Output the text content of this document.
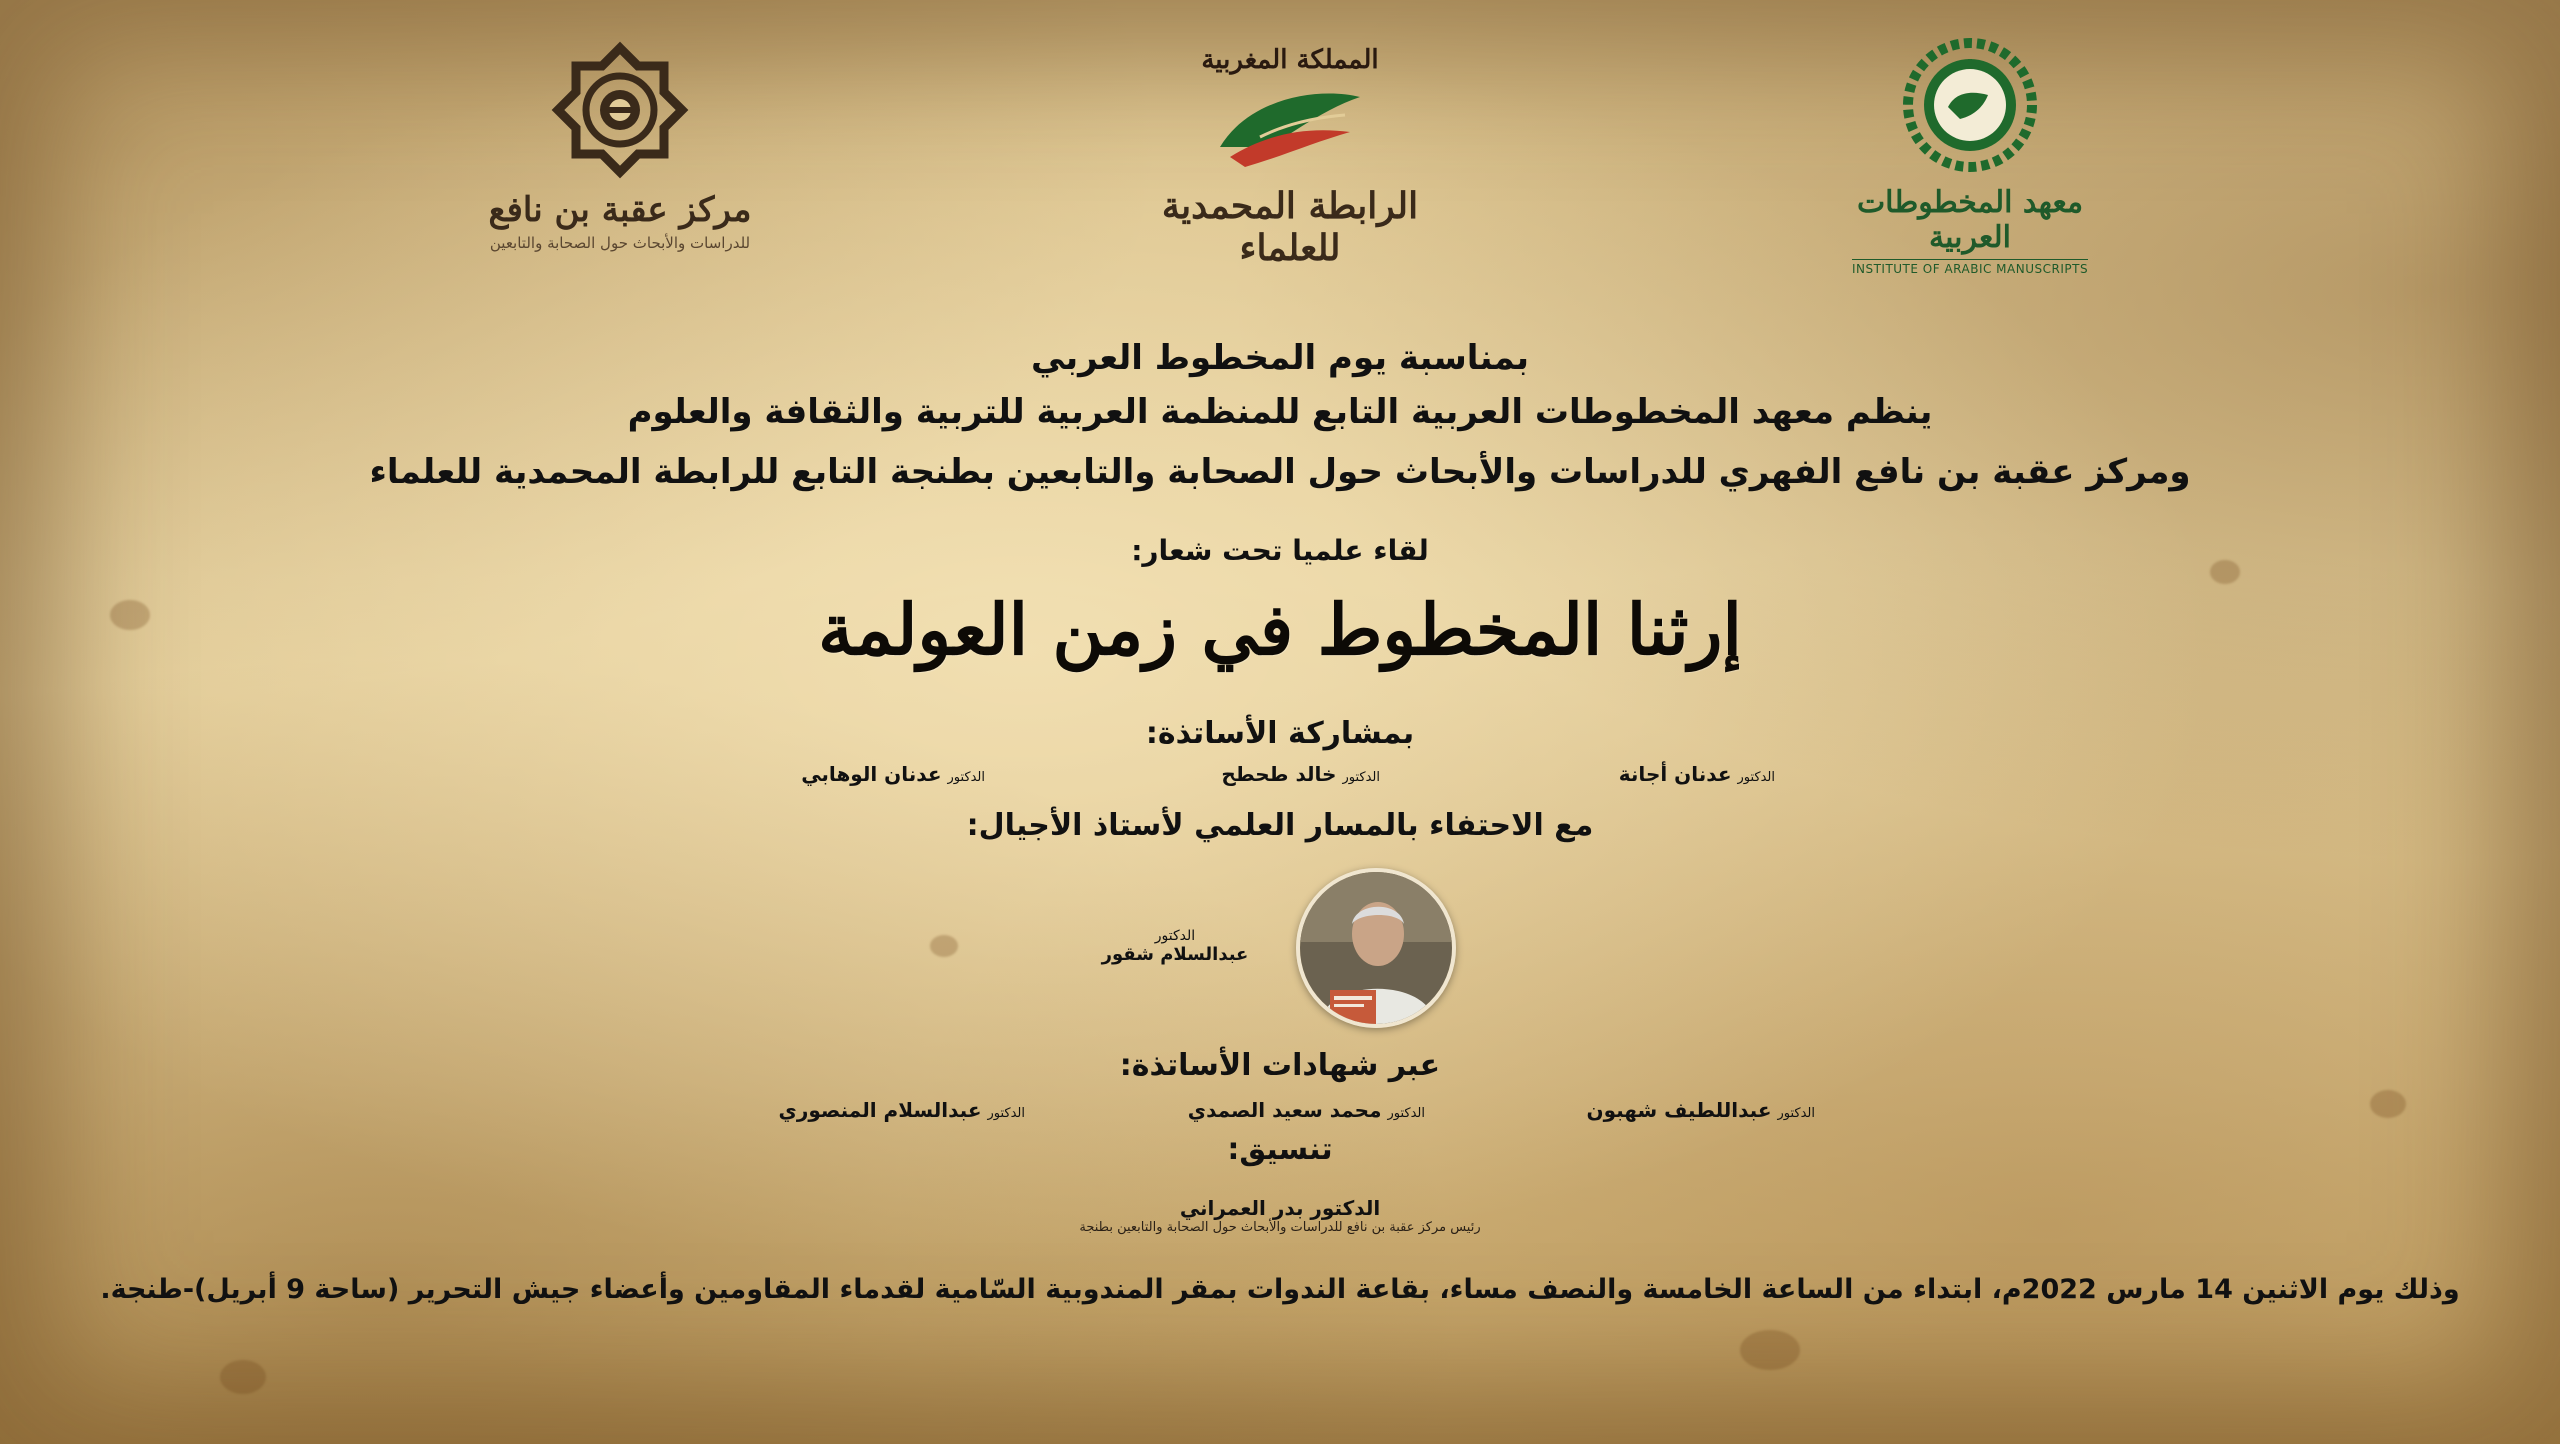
مركز عقبة بن نافع
للدراسات والأبحاث حول الصحابة والتابعين
المملكة المغربية
الرابطة المحمدية للعلماء
معهد المخطوطات العربية
INSTITUTE OF ARABIC MANUSCRIPTS
بمناسبة يوم المخطوط العربي
ينظم معهد المخطوطات العربية التابع للمنظمة العربية للتربية والثقافة والعلوم
ومركز عقبة بن نافع الفهري للدراسات والأبحاث حول الصحابة والتابعين بطنجة التابع للرابطة المحمدية للعلماء
لقاء علميا تحت شعار:
إرثنا المخطوط في زمن العولمة
بمشاركة الأساتذة:
الدكتورعدنان أجانة
الدكتورخالد طحطح
الدكتورعدنان الوهابي
مع الاحتفاء بالمسار العلمي لأستاذ الأجيال:
الدكتور
عبدالسلام شقور
عبر شهادات الأساتذة:
الدكتورعبداللطيف شهبون
الدكتورمحمد سعيد الصمدي
الدكتورعبدالسلام المنصوري
تنسيق:
الدكتور بدر العمراني
رئيس مركز عقبة بن نافع للدراسات والأبحاث حول الصحابة والتابعين بطنجة
وذلك يوم الاثنين 14 مارس 2022م، ابتداء من الساعة الخامسة والنصف مساء، بقاعة الندوات بمقر المندوبية السّامية لقدماء المقاومين وأعضاء جيش التحرير (ساحة 9 أبريل)-طنجة.
